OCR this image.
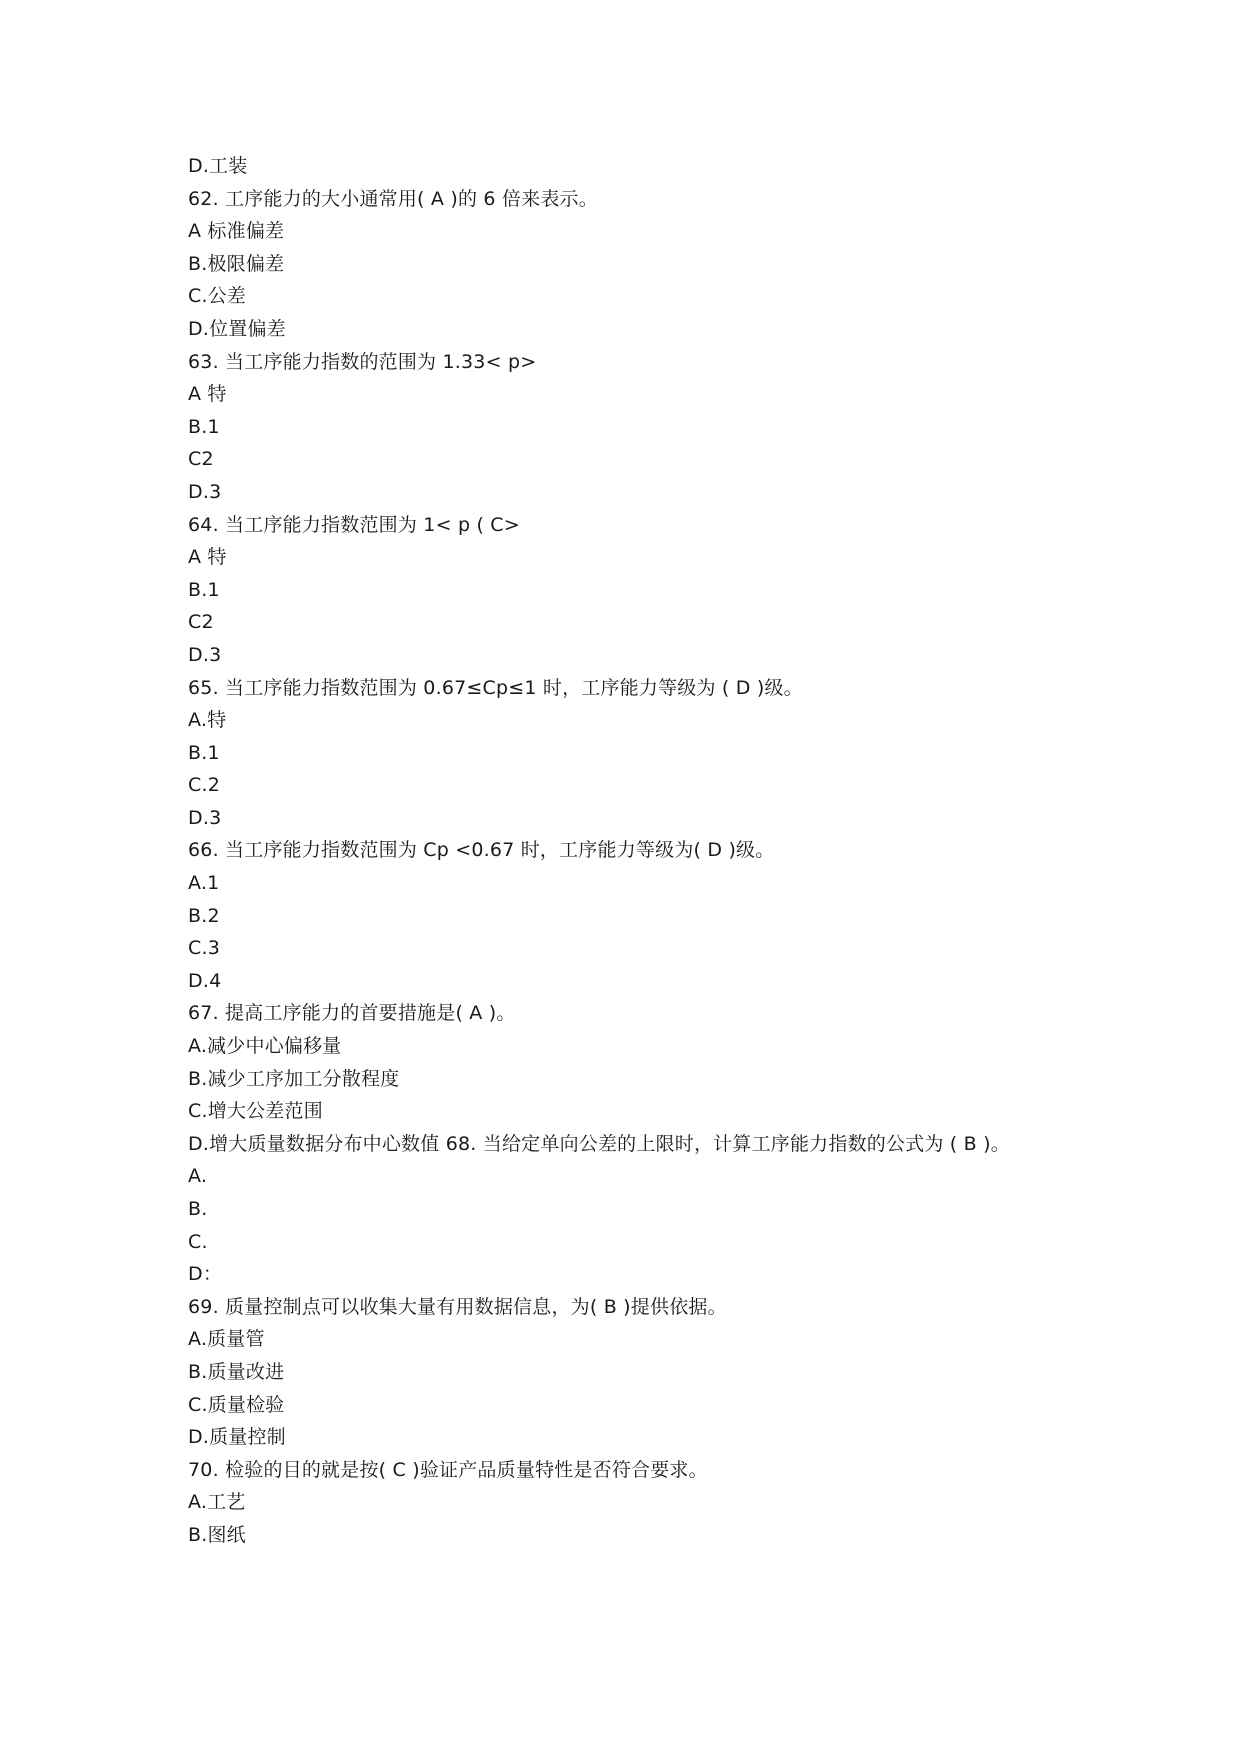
D.工装
62. 工序能力的大小通常用( A )的 6 倍来表示。
A 标准偏差
B.极限偏差
C.公差
D.位置偏差
63. 当工序能力指数的范围为 1.33< p>
A 特
B.1
C2
D.3
64. 当工序能力指数范围为 1< p ( C>
A 特
B.1
C2
D.3
65. 当工序能力指数范围为 0.67≤Cp≤1 时，工序能力等级为 ( D )级。
A.特
B.1
C.2
D.3
66. 当工序能力指数范围为 Cp <0.67 时，工序能力等级为( D )级。
A.1
B.2
C.3
D.4
67. 提高工序能力的首要措施是( A )。
A.减少中心偏移量
B.减少工序加工分散程度
C.增大公差范围
D.增大质量数据分布中心数值 68. 当给定单向公差的上限时，计算工序能力指数的公式为 ( B )。
A.
B.
C.
D：
69. 质量控制点可以收集大量有用数据信息，为( B )提供依据。
A.质量管
B.质量改进
C.质量检验
D.质量控制
70. 检验的目的就是按( C )验证产品质量特性是否符合要求。
A.工艺
B.图纸
